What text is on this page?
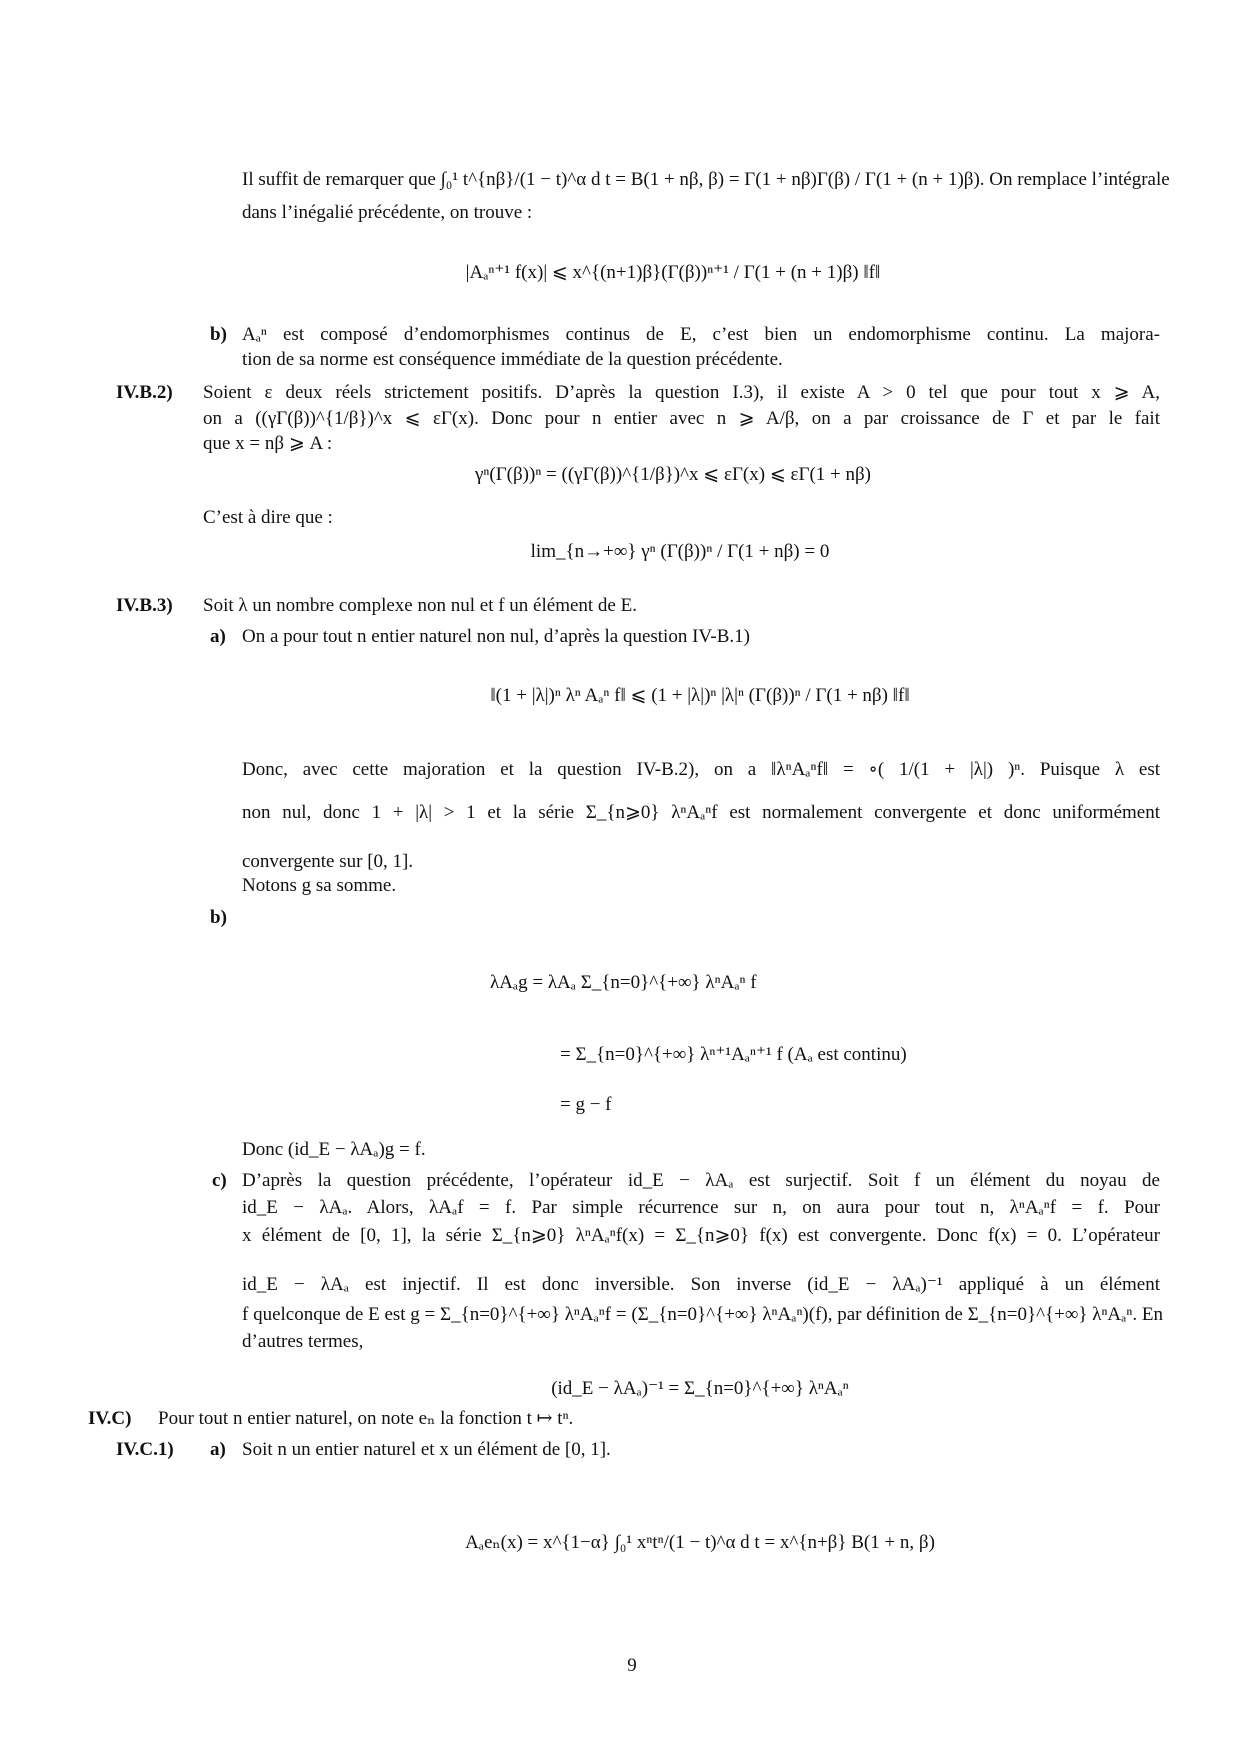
Il suffit de remarquer que ∫₀¹ t^{nβ}/(1 − t)^α d t = B(1 + nβ, β) = Γ(1 + nβ)Γ(β) / Γ(1 + (n + 1)β). On remplace l’intégrale
dans l’inégalié précédente, on trouve :
|Aₐⁿ⁺¹ f(x)| ⩽ x^{(n+1)β}(Γ(β))ⁿ⁺¹ / Γ(1 + (n + 1)β) ‖f‖
b) Aₐⁿ est composé d’endomorphismes continus de E, c’est bien un endomorphisme continu. La majora-
tion de sa norme est conséquence immédiate de la question précédente.
IV.B.2) Soient ε deux réels strictement positifs. D’après la question I.3), il existe A > 0 tel que pour tout x ⩾ A,
on a ((γΓ(β))^{1/β})^x ⩽ εΓ(x). Donc pour n entier avec n ⩾ A/β, on a par croissance de Γ et par le fait
que x = nβ ⩾ A :
γⁿ(Γ(β))ⁿ = ((γΓ(β))^{1/β})^x ⩽ εΓ(x) ⩽ εΓ(1 + nβ)
C’est à dire que :
lim_{n→+∞} γⁿ (Γ(β))ⁿ / Γ(1 + nβ) = 0
IV.B.3) Soit λ un nombre complexe non nul et f un élément de E.
a) On a pour tout n entier naturel non nul, d’après la question IV-B.1)
‖(1 + |λ|)ⁿ λⁿ Aₐⁿ f‖ ⩽ (1 + |λ|)ⁿ |λ|ⁿ (Γ(β))ⁿ / Γ(1 + nβ) ‖f‖
Donc, avec cette majoration et la question IV-B.2), on a ‖λⁿAₐⁿf‖ = ∘( 1/(1 + |λ|) )ⁿ. Puisque λ est
non nul, donc 1 + |λ| > 1 et la série Σ_{n⩾0} λⁿAₐⁿf est normalement convergente et donc uniformément
convergente sur [0, 1].
Notons g sa somme.
b)
λAₐg = λAₐ Σ_{n=0}^{+∞} λⁿAₐⁿ f
= Σ_{n=0}^{+∞} λⁿ⁺¹Aₐⁿ⁺¹ f (Aₐ est continu)
= g − f
Donc (id_E − λAₐ)g = f.
c) D’après la question précédente, l’opérateur id_E − λAₐ est surjectif. Soit f un élément du noyau de
id_E − λAₐ. Alors, λAₐf = f. Par simple récurrence sur n, on aura pour tout n, λⁿAₐⁿf = f. Pour
x élément de [0, 1], la série Σ_{n⩾0} λⁿAₐⁿf(x) = Σ_{n⩾0} f(x) est convergente. Donc f(x) = 0. L’opérateur
id_E − λAₐ est injectif. Il est donc inversible. Son inverse (id_E − λAₐ)⁻¹ appliqué à un élément
f quelconque de E est g = Σ_{n=0}^{+∞} λⁿAₐⁿf = (Σ_{n=0}^{+∞} λⁿAₐⁿ)(f), par définition de Σ_{n=0}^{+∞} λⁿAₐⁿ. En
d’autres termes,
(id_E − λAₐ)⁻¹ = Σ_{n=0}^{+∞} λⁿAₐⁿ
IV.C) Pour tout n entier naturel, on note eₙ la fonction t ↦ tⁿ.
IV.C.1) a) Soit n un entier naturel et x un élément de [0, 1].
Aₐeₙ(x) = x^{1−α} ∫₀¹ xⁿtⁿ/(1 − t)^α d t = x^{n+β} B(1 + n, β)
9
